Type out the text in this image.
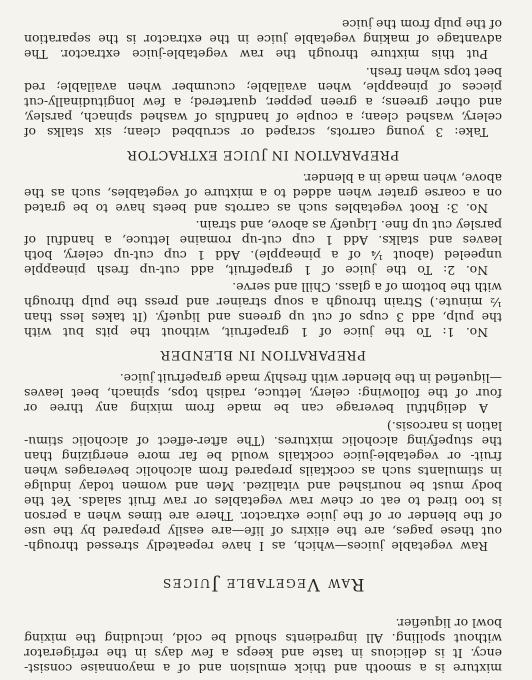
mixture is a smooth and thick emulsion and of a mayonnaise consist-
ency. It is delicious in taste and keeps a few days in the refrigerator
without spoiling. All ingredients should be cold, including the mixing
bowl or liquefier.
Raw Vegetable Juices
Raw vegetable juices—which, as I have repeatedly stressed through-
out these pages, are the elixirs of life—are easily prepared by the use
of the blender or of the juice extractor. There are times when a person
is too tired to eat or chew raw vegetables or raw fruit salads. Yet the
body must be nourished and vitalized. Men and women today indulge
in stimulants such as cocktails prepared from alcoholic beverages when
fruit- or vegetable-juice cocktails would be far more energizing than
the stupefying alcoholic mixtures. (The after-effect of alcoholic stimu-
lation is narcosis.)
A delightful beverage can be made from mixing any three or
four of the following: celery, lettuce, radish tops, spinach, beet leaves
—liquefied in the blender with freshly made grapefruit juice.
PREPARATION IN BLENDER
No. 1: To the juice of 1 grapefruit, without the pits but with
the pulp, add 3 cups of cut up greens and liquefy. (It takes less than
½ minute.) Strain through a soup strainer and press the pulp through
with the bottom of a glass. Chill and serve.
No. 2: To the juice of 1 grapefruit, add cut-up fresh pineapple
unpeeled (about ¼ of a pineapple). Add 1 cup cut-up celery, both
leaves and stalks. Add 1 cup cut-up romaine lettuce, a handful of
parsley cut up fine. Liquefy as above, and strain.
No. 3: Root vegetables such as carrots and beets have to be grated
on a coarse grater when added to a mixture of vegetables, such as the
above, when made in a blender.
PREPARATION IN JUICE EXTRACTOR
Take: 3 young carrots, scraped or scrubbed clean; six stalks of
celery, washed clean; a couple of handfuls of washed spinach, parsley,
and other greens; a green pepper, quartered; a few longitudinally-cut
pieces of pineapple, when available; cucumber when available; red
beet tops when fresh.
Put this mixture through the raw vegetable-juice extractor. The
advantage of making vegetable juice in the extractor is the separation
of the pulp from the juice
